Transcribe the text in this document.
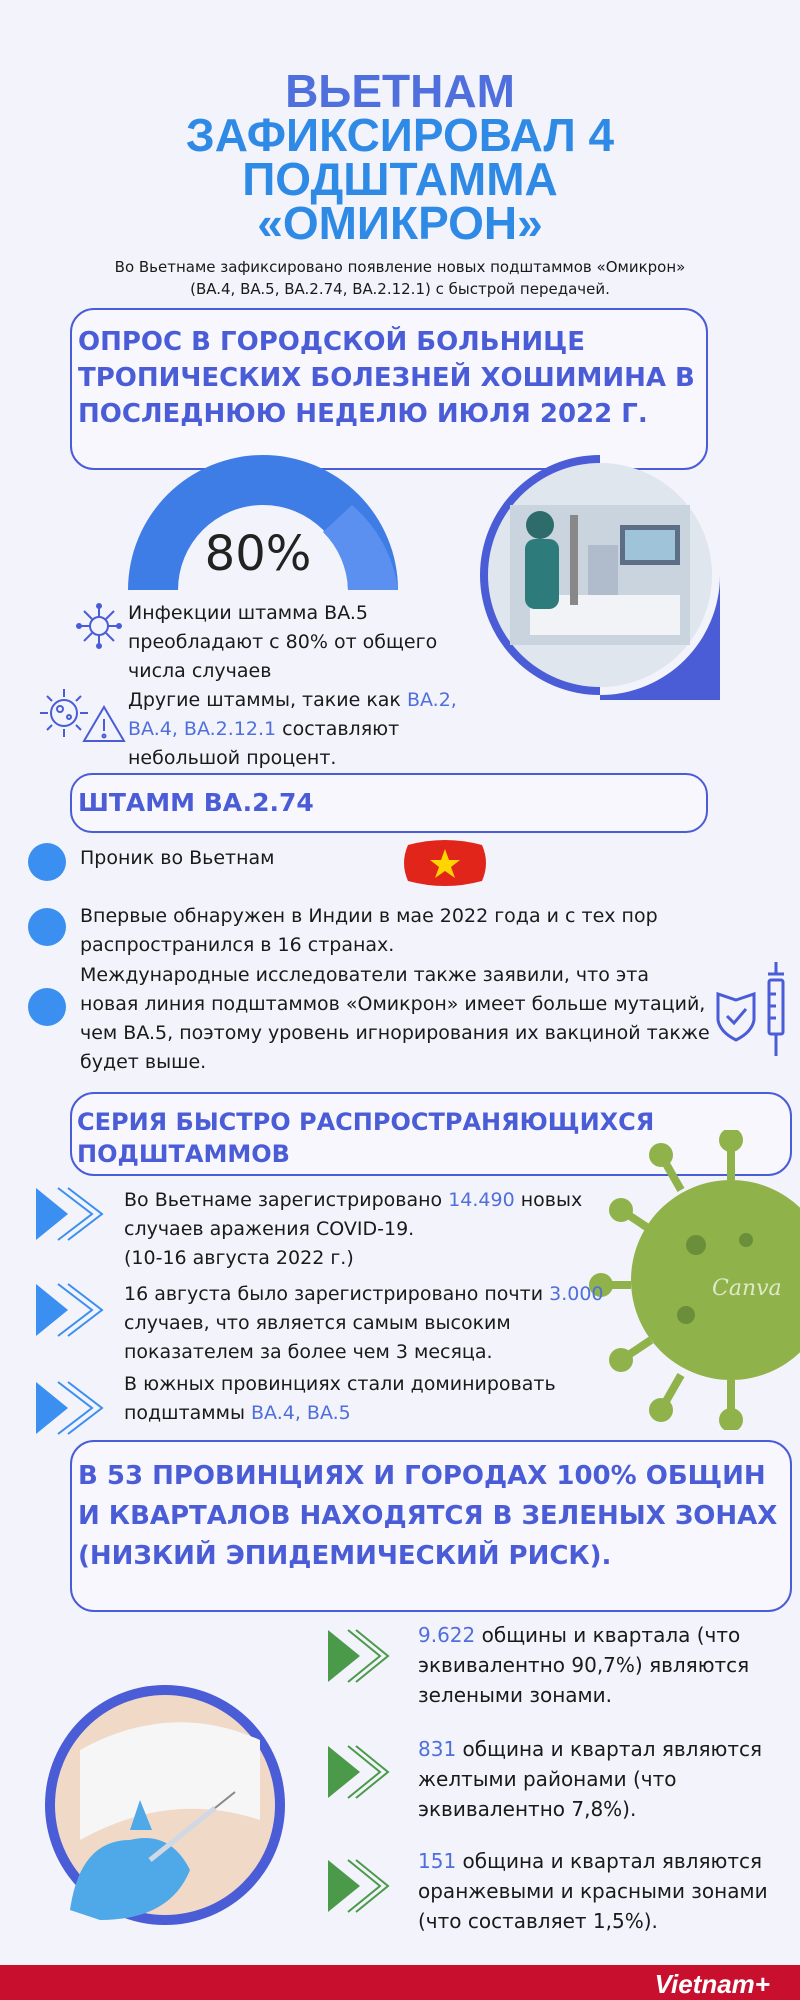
ВЬЕТНАМ
ЗАФИКСИРОВАЛ 4
ПОДШТАММА
«ОМИКРОН»
Во Вьетнаме зафиксировано появление новых подштаммов «Омикрон» (BA.4, BA.5, BA.2.74, BA.2.12.1) с быстрой передачей.
ОПРОС В ГОРОДСКОЙ БОЛЬНИЦЕ ТРОПИЧЕСКИХ БОЛЕЗНЕЙ ХОШИМИНА В ПОСЛЕДНЮЮ НЕДЕЛЮ ИЮЛЯ 2022 Г.
80%
Инфекции штамма BA.5 преобладают с 80% от общего числа случаев
Другие штаммы, такие как BA.2, BA.4, BA.2.12.1 составляют небольшой процент.
ШТАММ BA.2.74
Проник во Вьетнам
Впервые обнаружен в Индии в мае 2022 года и с тех пор распространился в 16 странах.
Международные исследователи также заявили, что эта новая линия подштаммов «Омикрон» имеет больше мутаций, чем BA.5, поэтому уровень игнорирования их вакциной также будет выше.
СЕРИЯ БЫСТРО РАСПРОСТРАНЯЮЩИХСЯ ПОДШТАММОВ
Canva
Во Вьетнаме зарегистрировано 14.490 новых случаев аражения COVID-19.
(10-16 августа 2022 г.)
16 августа было зарегистрировано почти 3.000 случаев, что является самым высоким показателем за более чем 3 месяца.
В южных провинциях стали доминировать подштаммы BA.4, BA.5
В 53 ПРОВИНЦИЯХ И ГОРОДАХ 100% ОБЩИН И КВАРТАЛОВ НАХОДЯТСЯ В ЗЕЛЕНЫХ ЗОНАХ (НИЗКИЙ ЭПИДЕМИЧЕСКИЙ РИСК).
9.622 общины и квартала (что эквивалентно 90,7%) являются зелеными зонами.
831 община и квартал являются желтыми районами (что эквивалентно 7,8%).
151 община и квартал являются оранжевыми и красными зонами (что составляет 1,5%).
Vietnam+
